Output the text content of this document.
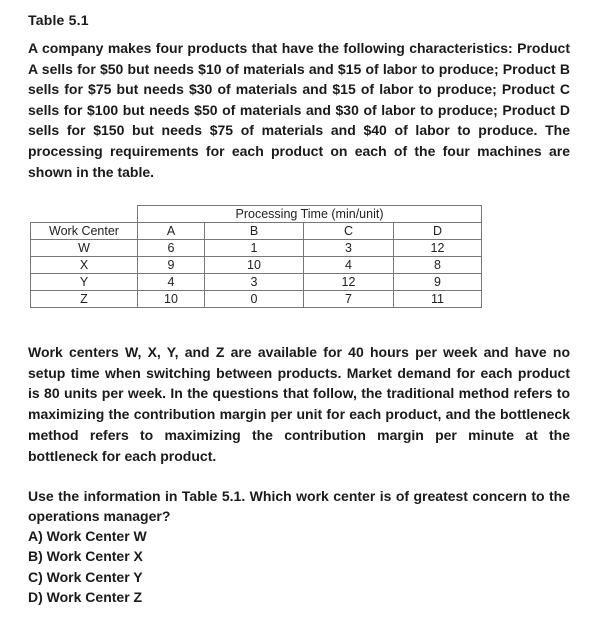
Table 5.1

A company makes four products that have the following characteristics: Product A sells for $50 but needs $10 of materials and $15 of labor to produce; Product B sells for $75 but needs $30 of materials and $15 of labor to produce; Product C sells for $100 but needs $50 of materials and $30 of labor to produce; Product D sells for $150 but needs $75 of materials and $40 of labor to produce. The processing requirements for each product on each of the four machines are shown in the table.

	Processing Time (min/unit)			
Work Center	A	B	C	D
W	6	1	3	12
X	9	10	4	8
Y	4	3	12	9
Z	10	0	7	11

Work centers W, X, Y, and Z are available for 40 hours per week and have no setup time when switching between products. Market demand for each product is 80 units per week. In the questions that follow, the traditional method refers to maximizing the contribution margin per unit for each product, and the bottleneck method refers to maximizing the contribution margin per minute at the bottleneck for each product.

Use the information in Table 5.1. Which work center is of greatest concern to the operations manager?

A) Work Center W
B) Work Center X
C) Work Center Y
D) Work Center Z
